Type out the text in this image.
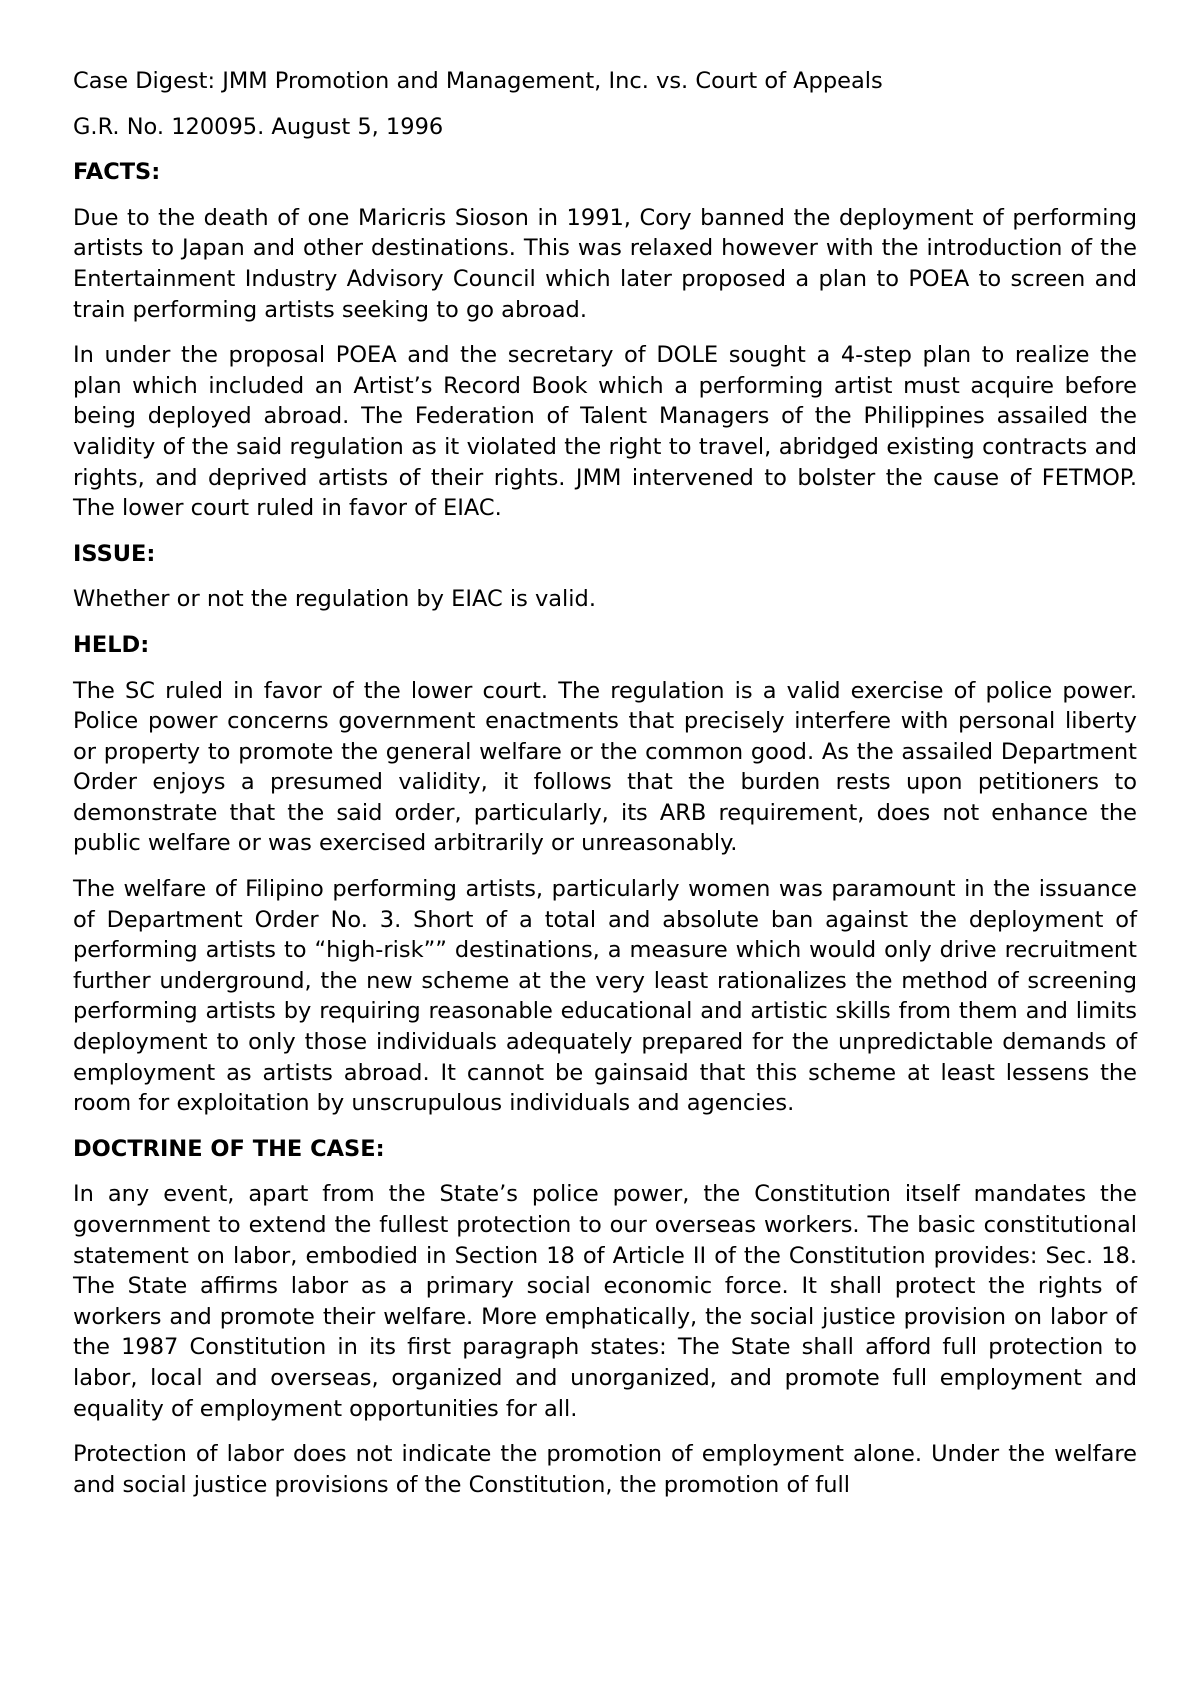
Case Digest: JMM Promotion and Management, Inc. vs. Court of Appeals
G.R. No. 120095. August 5, 1996
FACTS:
Due to the death of one Maricris Sioson in 1991, Cory banned the deployment of performing artists to Japan and other destinations. This was relaxed however with the introduction of the Entertainment Industry Advisory Council which later proposed a plan to POEA to screen and train performing artists seeking to go abroad.
In under the proposal POEA and the secretary of DOLE sought a 4-step plan to realize the plan which included an Artist’s Record Book which a performing artist must acquire before being deployed abroad. The Federation of Talent Managers of the Philippines assailed the validity of the said regulation as it violated the right to travel, abridged existing contracts and rights, and deprived artists of their rights. JMM intervened to bolster the cause of FETMOP. The lower court ruled in favor of EIAC.
ISSUE:
Whether or not the regulation by EIAC is valid.
HELD:
The SC ruled in favor of the lower court. The regulation is a valid exercise of police power. Police power concerns government enactments that precisely interfere with personal liberty or property to promote the general welfare or the common good. As the assailed Department Order enjoys a presumed validity, it follows that the burden rests upon petitioners to demonstrate that the said order, particularly, its ARB requirement, does not enhance the public welfare or was exercised arbitrarily or unreasonably.
The welfare of Filipino performing artists, particularly women was paramount in the issuance of Department Order No. 3. Short of a total and absolute ban against the deployment of performing artists to “high-risk”” destinations, a measure which would only drive recruitment further underground, the new scheme at the very least rationalizes the method of screening performing artists by requiring reasonable educational and artistic skills from them and limits deployment to only those individuals adequately prepared for the unpredictable demands of employment as artists abroad. It cannot be gainsaid that this scheme at least lessens the room for exploitation by unscrupulous individuals and agencies.
DOCTRINE OF THE CASE:
In any event, apart from the State’s police power, the Constitution itself mandates the government to extend the fullest protection to our overseas workers. The basic constitutional statement on labor, embodied in Section 18 of Article II of the Constitution provides: Sec. 18. The State affirms labor as a primary social economic force. It shall protect the rights of workers and promote their welfare. More emphatically, the social justice provision on labor of the 1987 Constitution in its first paragraph states: The State shall afford full protection to labor, local and overseas, organized and unorganized, and promote full employment and equality of employment opportunities for all.
Protection of labor does not indicate the promotion of employment alone. Under the welfare and social justice provisions of the Constitution, the promotion of full
